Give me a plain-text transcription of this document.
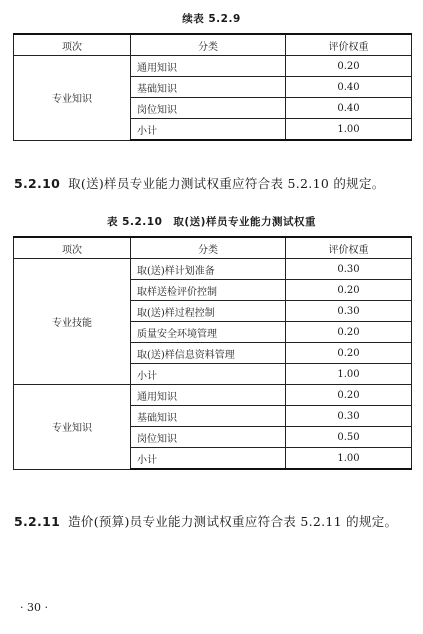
续表 5.2.9
项次	分类	评价权重
专业知识	通用知识	0.20
	基础知识	0.40
	岗位知识	0.40
	小计	1.00
5.2.10 取(送)样员专业能力测试权重应符合表 5.2.10 的规定。
表 5.2.10　取(送)样员专业能力测试权重
项次	分类	评价权重
专业技能	取(送)样计划准备	0.30
	取样送检评价控制	0.20
	取(送)样过程控制	0.30
	质量安全环境管理	0.20
	取(送)样信息资料管理	0.20
	小计	1.00
专业知识	通用知识	0.20
	基础知识	0.30
	岗位知识	0.50
	小计	1.00
5.2.11 造价(预算)员专业能力测试权重应符合表 5.2.11 的规定。
· 30 ·
